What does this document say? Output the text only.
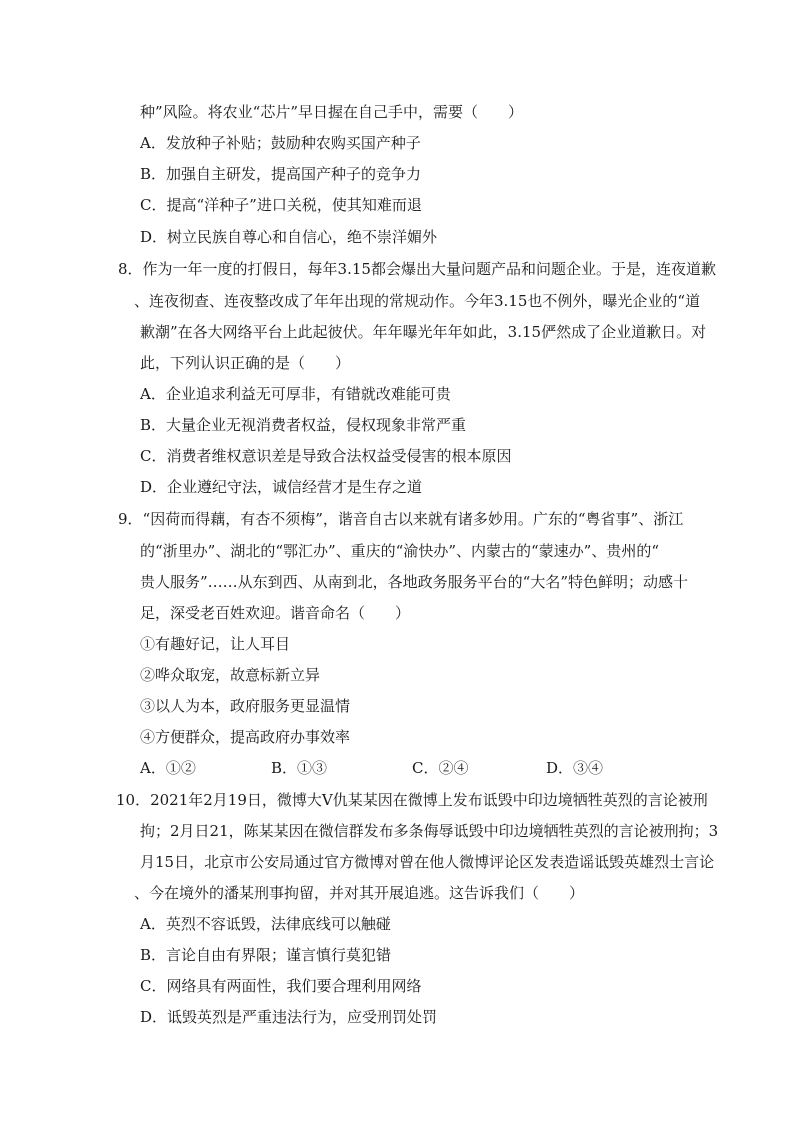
种”风险。将农业“芯片”早日握在自己手中，需要（　　）
A．发放种子补贴；鼓励种农购买国产种子
B．加强自主研发，提高国产种子的竞争力
C．提高“洋种子”进口关税，使其知难而退
D．树立民族自尊心和自信心，绝不崇洋媚外
8．作为一年一度的打假日，每年3.15都会爆出大量问题产品和问题企业。于是，连夜道歉
、连夜彻查、连夜整改成了年年出现的常规动作。今年3.15也不例外，曝光企业的“道
歉潮”在各大网络平台上此起彼伏。年年曝光年年如此，3.15俨然成了企业道歉日。对
此，下列认识正确的是（　　）
A．企业追求利益无可厚非，有错就改难能可贵
B．大量企业无视消费者权益，侵权现象非常严重
C．消费者维权意识差是导致合法权益受侵害的根本原因
D．企业遵纪守法，诚信经营才是生存之道
9．“因荷而得藕，有杏不须梅”，谐音自古以来就有诸多妙用。广东的“粤省事”、浙江
的“浙里办”、湖北的“鄂汇办”、重庆的“渝快办”、内蒙古的“蒙速办”、贵州的“
贵人服务”……从东到西、从南到北，各地政务服务平台的“大名”特色鲜明；动感十
足，深受老百姓欢迎。谐音命名（　　）
①有趣好记，让人耳目
②哗众取宠，故意标新立异
③以人为本，政府服务更显温情
④方便群众，提高政府办事效率
A．①②	B．①③	C．②④	D．③④
10．2021年2月19日，微博大V仇某某因在微博上发布诋毁中印边境牺牲英烈的言论被刑
拘；2月日21，陈某某因在微信群发布多条侮辱诋毁中印边境牺牲英烈的言论被刑拘；3
月15日，北京市公安局通过官方微博对曾在他人微博评论区发表造谣诋毁英雄烈士言论
、今在境外的潘某刑事拘留，并对其开展追逃。这告诉我们（　　）
A．英烈不容诋毁，法律底线可以触碰
B．言论自由有界限；谨言慎行莫犯错
C．网络具有两面性，我们要合理利用网络
D．诋毁英烈是严重违法行为，应受刑罚处罚
